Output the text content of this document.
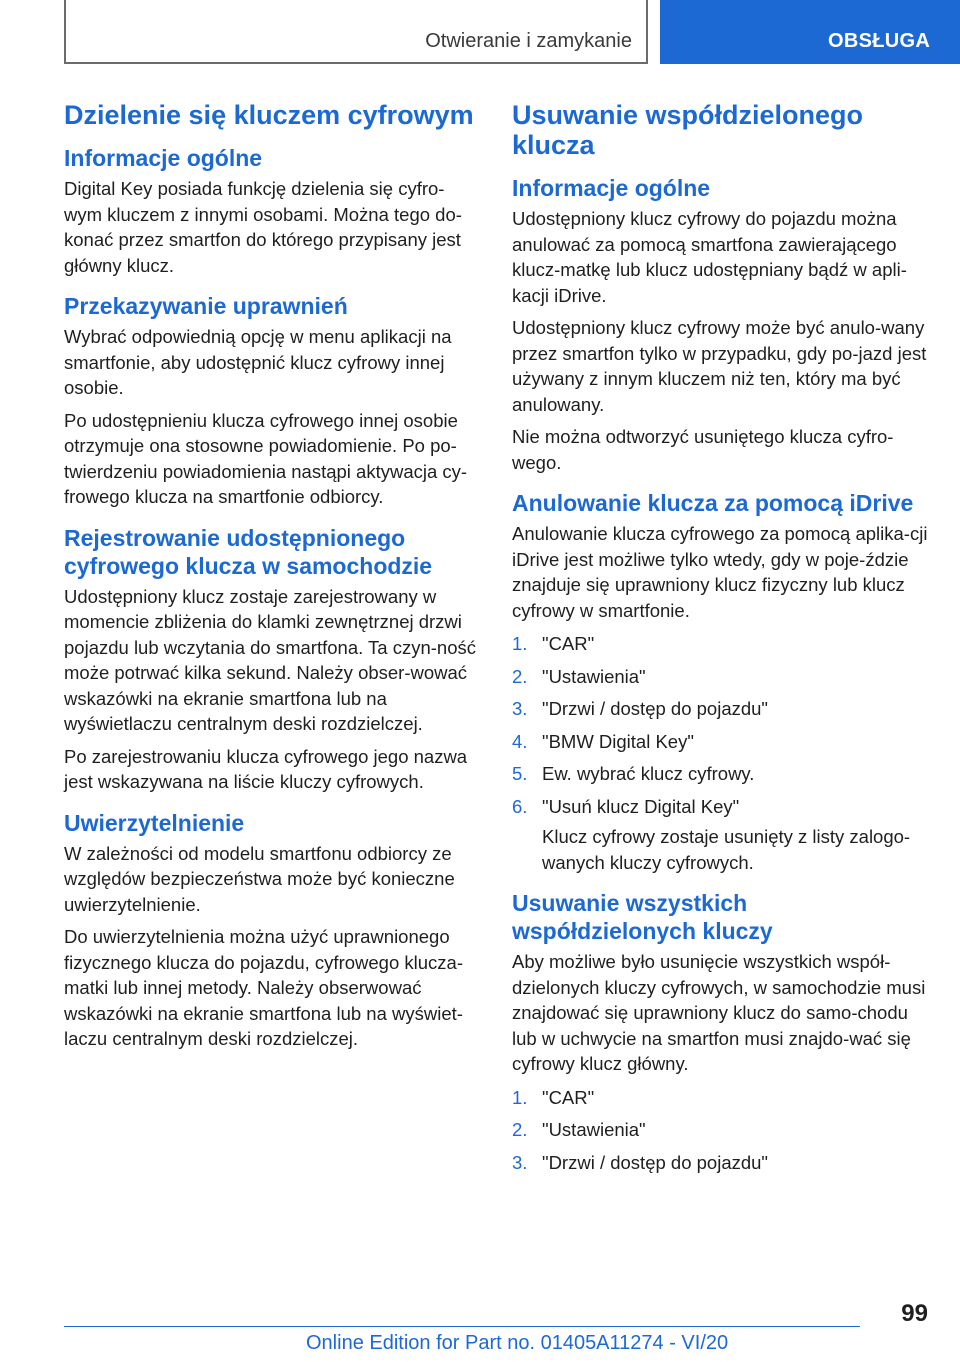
Otwieranie i zamykanie	OBSŁUGA
Dzielenie się kluczem cyfrowym
Informacje ogólne

Digital Key posiada funkcję dzielenia się cyfro-wym kluczem z innymi osobami. Można tego do-konać przez smartfon do którego przypisany jest główny klucz.

Przekazywanie uprawnień

Wybrać odpowiednią opcję w menu aplikacji na smartfonie, aby udostępnić klucz cyfrowy innej osobie.

Po udostępnieniu klucza cyfrowego innej osobie otrzymuje ona stosowne powiadomienie. Po po-twierdzeniu powiadomienia nastąpi aktywacja cy-frowego klucza na smartfonie odbiorcy.

Rejestrowanie udostępnionego cyfrowego klucza w samochodzie

Udostępniony klucz zostaje zarejestrowany w momencie zbliżenia do klamki zewnętrznej drzwi pojazdu lub wczytania do smartfona. Ta czyn-ność może potrwać kilka sekund. Należy obser-wować wskazówki na ekranie smartfona lub na wyświetlaczu centralnym deski rozdzielczej.

Po zarejestrowaniu klucza cyfrowego jego nazwa jest wskazywana na liście kluczy cyfrowych.

Uwierzytelnienie

W zależności od modelu smartfonu odbiorcy ze względów bezpieczeństwa może być konieczne uwierzytelnienie.

Do uwierzytelnienia można użyć uprawnionego fizycznego klucza do pojazdu, cyfrowego klucza-matki lub innej metody. Należy obserwować wskazówki na ekranie smartfona lub na wyświet-laczu centralnym deski rozdzielczej.

Usuwanie współdzielonego klucza
Informacje ogólne

Udostępniony klucz cyfrowy do pojazdu można anulować za pomocą smartfona zawierającego klucz-matkę lub klucz udostępniany bądź w apli-kacji iDrive.

Udostępniony klucz cyfrowy może być anulo-wany przez smartfon tylko w przypadku, gdy po-jazd jest używany z innym kluczem niż ten, który ma być anulowany.

Nie można odtworzyć usuniętego klucza cyfro-wego.

Anulowanie klucza za pomocą iDrive

Anulowanie klucza cyfrowego za pomocą aplika-cji iDrive jest możliwe tylko wtedy, gdy w poje-ździe znajduje się uprawniony klucz fizyczny lub klucz cyfrowy w smartfonie.

1. "CAR"
2. "Ustawienia"
3. "Drzwi / dostęp do pojazdu"
4. "BMW Digital Key"
5. Ew. wybrać klucz cyfrowy.
6. "Usuń klucz Digital Key"
Klucz cyfrowy zostaje usunięty z listy zalogo-wanych kluczy cyfrowych.
Usuwanie wszystkich współdzielonych kluczy

Aby możliwe było usunięcie wszystkich współ-dzielonych kluczy cyfrowych, w samochodzie musi znajdować się uprawniony klucz do samo-chodu lub w uchwycie na smartfon musi znajdo-wać się cyfrowy klucz główny.

1. "CAR"
2. "Ustawienia"
3. "Drzwi / dostęp do pojazdu"
99
Online Edition for Part no. 01405A11274 - VI/20
